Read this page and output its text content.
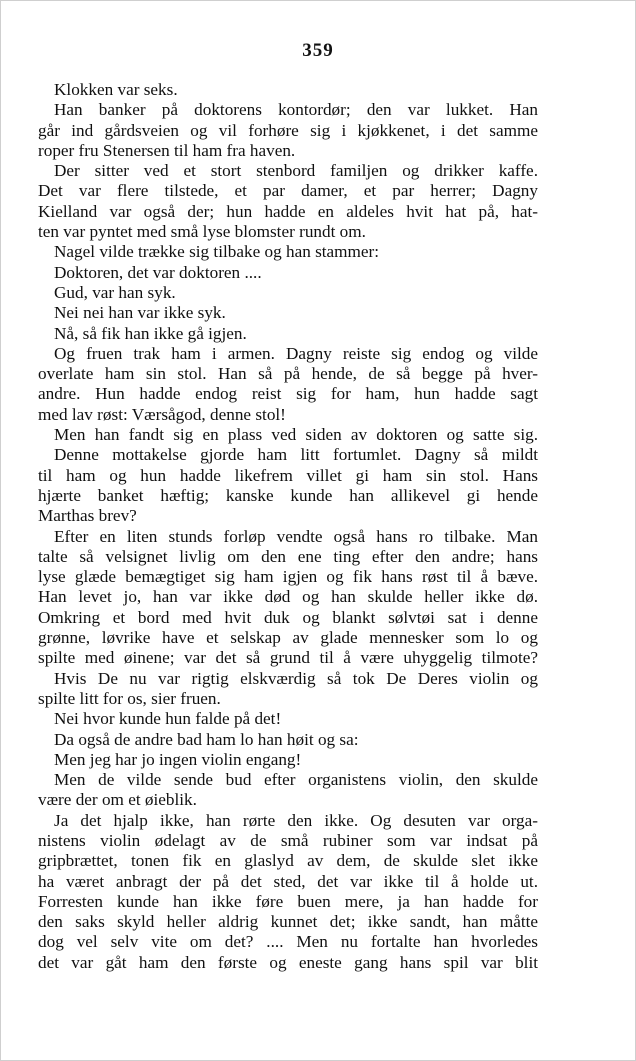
359
Klokken var seks.
Han banker på doktorens kontordør; den var lukket. Han
går ind gårdsveien og vil forhøre sig i kjøkkenet, i det samme
roper fru Stenersen til ham fra haven.
Der sitter ved et stort stenbord familjen og drikker kaffe.
Det var flere tilstede, et par damer, et par herrer; Dagny
Kielland var også der; hun hadde en aldeles hvit hat på, hat-
ten var pyntet med små lyse blomster rundt om.
Nagel vilde trække sig tilbake og han stammer:
Doktoren, det var doktoren ....
Gud, var han syk.
Nei nei han var ikke syk.
Nå, så fik han ikke gå igjen.
Og fruen trak ham i armen. Dagny reiste sig endog og vilde
overlate ham sin stol. Han så på hende, de så begge på hver-
andre. Hun hadde endog reist sig for ham, hun hadde sagt
med lav røst: Værsågod, denne stol!
Men han fandt sig en plass ved siden av doktoren og satte sig.
Denne mottakelse gjorde ham litt fortumlet. Dagny så mildt
til ham og hun hadde likefrem villet gi ham sin stol. Hans
hjærte banket hæftig; kanske kunde han allikevel gi hende
Marthas brev?
Efter en liten stunds forløp vendte også hans ro tilbake. Man
talte så velsignet livlig om den ene ting efter den andre; hans
lyse glæde bemægtiget sig ham igjen og fik hans røst til å bæve.
Han levet jo, han var ikke død og han skulde heller ikke dø.
Omkring et bord med hvit duk og blankt sølvtøi sat i denne
grønne, løvrike have et selskap av glade mennesker som lo og
spilte med øinene; var det så grund til å være uhyggelig tilmote?
Hvis De nu var rigtig elskværdig så tok De Deres violin og
spilte litt for os, sier fruen.
Nei hvor kunde hun falde på det!
Da også de andre bad ham lo han høit og sa:
Men jeg har jo ingen violin engang!
Men de vilde sende bud efter organistens violin, den skulde
være der om et øieblik.
Ja det hjalp ikke, han rørte den ikke. Og desuten var orga-
nistens violin ødelagt av de små rubiner som var indsat på
gripbrættet, tonen fik en glaslyd av dem, de skulde slet ikke
ha været anbragt der på det sted, det var ikke til å holde ut.
Forresten kunde han ikke føre buen mere, ja han hadde for
den saks skyld heller aldrig kunnet det; ikke sandt, han måtte
dog vel selv vite om det? .... Men nu fortalte han hvorledes
det var gåt ham den første og eneste gang hans spil var blit
